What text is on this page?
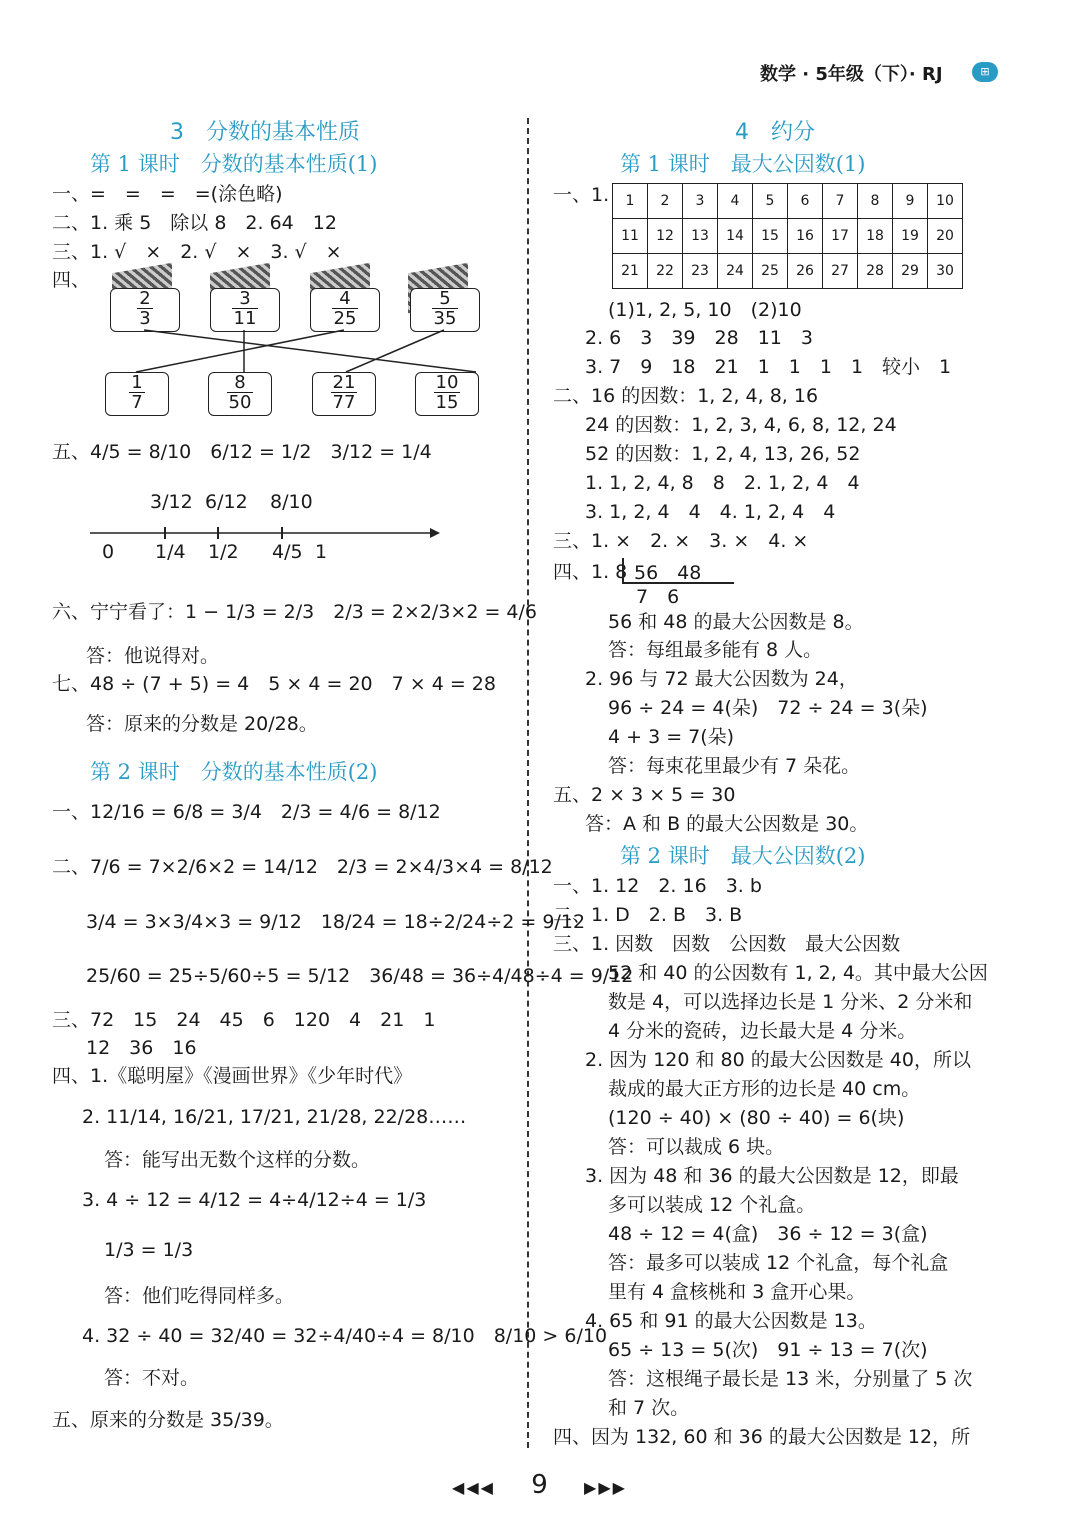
数学 · 5年级（下）· RJ	⊞
3　分数的基本性质
第 1 课时　分数的基本性质(1)
一、=　=　=　=(涂色略)
二、1. 乘 5　除以 8　2. 64　12
三、1. √　×　2. √　×　3. √　×
四、
$\frac{2}{3}$	$\frac{3}{11}$	$\frac{4}{25}$	$\frac{5}{35}$
$\frac{1}{7}$	$\frac{8}{50}$	$\frac{21}{77}$	$\frac{10}{15}$
五、4/5 = 8/10　6/12 = 1/2　3/12 = 1/4
3/12 6/12 8/10
0 1/4 1/2 4/5 1
六、宁宁看了：1 − 1/3 = 2/3　2/3 = 2×2/3×2 = 4/6
答：他说得对。
七、48 ÷ (7 + 5) = 4　5 × 4 = 20　7 × 4 = 28
答：原来的分数是 20/28。
第 2 课时　分数的基本性质(2)
一、12/16 = 6/8 = 3/4　2/3 = 4/6 = 8/12
二、7/6 = 7×2/6×2 = 14/12　2/3 = 2×4/3×4 = 8/12
3/4 = 3×3/4×3 = 9/12　18/24 = 18÷2/24÷2 = 9/12
25/60 = 25÷5/60÷5 = 5/12　36/48 = 36÷4/48÷4 = 9/12
三、72　15　24　45　6　120　4　21　1
12　36　16
四、1.《聪明屋》《漫画世界》《少年时代》
2. 11/14, 16/21, 17/21, 21/28, 22/28……
答：能写出无数个这样的分数。
3. 4 ÷ 12 = 4/12 = 4÷4/12÷4 = 1/3
1/3 = 1/3
答：他们吃得同样多。
4. 32 ÷ 40 = 32/40 = 32÷4/40÷4 = 8/10　8/10 > 6/10
答：不对。
五、原来的分数是 35/39。
4　约分
第 1 课时　最大公因数(1)
一、1. 1	2	3	4	5	6	7	8	9	10
11	12	13	14	15	16	17	18	19	20
21	22	23	24	25	26	27	28	29	30
(1)1, 2, 5, 10　(2)10
2. 6　3　39　28　11　3
3. 7　9　18　21　1　1　1　1　较小　1
二、16 的因数：1, 2, 4, 8, 16
24 的因数：1, 2, 3, 4, 6, 8, 12, 24
52 的因数：1, 2, 4, 13, 26, 52
1. 1, 2, 4, 8　8　2. 1, 2, 4　4
3. 1, 2, 4　4　4. 1, 2, 4　4
三、1. ×　2. ×　3. ×　4. ×
四、1. 8 56　48
7　6
56 和 48 的最大公因数是 8。
答：每组最多能有 8 人。
2. 96 与 72 最大公因数为 24，
96 ÷ 24 = 4(朵)　72 ÷ 24 = 3(朵)
4 + 3 = 7(朵)
答：每束花里最少有 7 朵花。
五、2 × 3 × 5 = 30
答：A 和 B 的最大公因数是 30。
第 2 课时　最大公因数(2)
一、1. 12　2. 16　3. b
二、1. D　2. B　3. B
三、1. 因数　因数　公因数　最大公因数
52 和 40 的公因数有 1, 2, 4。其中最大公因
数是 4，可以选择边长是 1 分米、2 分米和
4 分米的瓷砖，边长最大是 4 分米。
2. 因为 120 和 80 的最大公因数是 40，所以
裁成的最大正方形的边长是 40 cm。
(120 ÷ 40) × (80 ÷ 40) = 6(块)
答：可以裁成 6 块。
3. 因为 48 和 36 的最大公因数是 12，即最
多可以装成 12 个礼盒。
48 ÷ 12 = 4(盒)　36 ÷ 12 = 3(盒)
答：最多可以装成 12 个礼盒，每个礼盒
里有 4 盒核桃和 3 盒开心果。
4. 65 和 91 的最大公因数是 13。
65 ÷ 13 = 5(次)　91 ÷ 13 = 7(次)
答：这根绳子最长是 13 米，分别量了 5 次
和 7 次。
四、因为 132, 60 和 36 的最大公因数是 12，所
◀◀◀ 9 ▶▶▶
